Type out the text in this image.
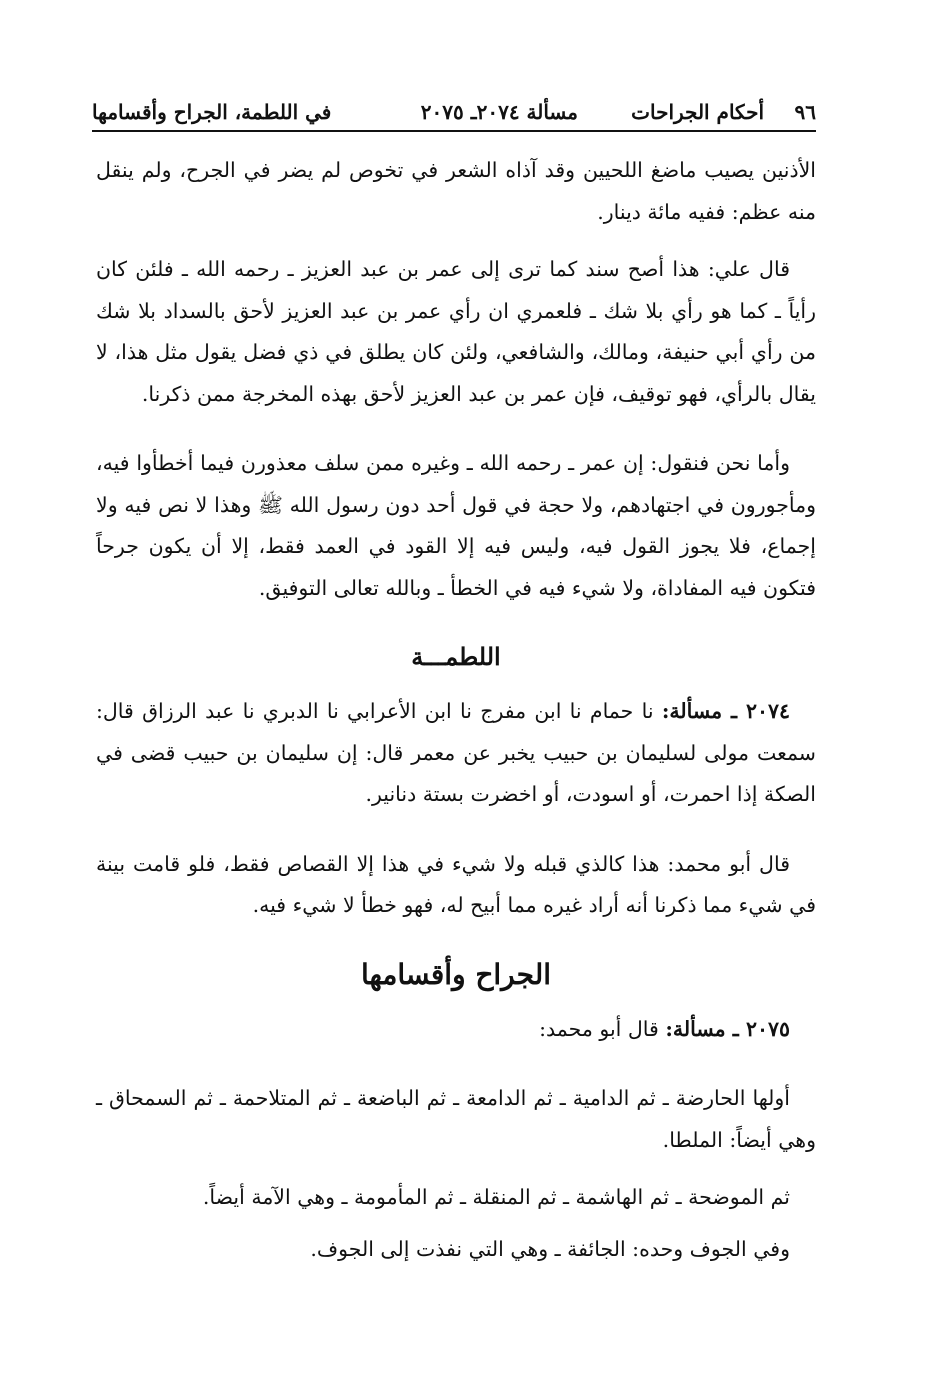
٩٦
أحكام الجراحات
مسألة ٢٠٧٤ـ ٢٠٧٥
في اللطمة، الجراح وأقسامها

الأذنين يصيب ماضغ اللحيين وقد آذاه الشعر في تخوص لم يضر في الجرح، ولم ينقل منه عظم: ففيه مائة دينار.

قال علي: هذا أصح سند كما ترى إلى عمر بن عبد العزيز ـ رحمه الله ـ فلئن كان رأياً ـ كما هو رأي بلا شك ـ فلعمري ان رأي عمر بن عبد العزيز لأحق بالسداد بلا شك من رأي أبي حنيفة، ومالك، والشافعي، ولئن كان يطلق في ذي فضل يقول مثل هذا، لا يقال بالرأي، فهو توقيف، فإن عمر بن عبد العزيز لأحق بهذه المخرجة ممن ذكرنا.

وأما نحن فنقول: إن عمر ـ رحمه الله ـ وغيره ممن سلف معذورن فيما أخطأوا فيه، ومأجورون في اجتهادهم، ولا حجة في قول أحد دون رسول الله ﷺ وهذا لا نص فيه ولا إجماع، فلا يجوز القول فيه، وليس فيه إلا القود في العمد فقط، إلا أن يكون جرحاً فتكون فيه المفاداة، ولا شيء فيه في الخطأ ـ وبالله تعالى التوفيق.

اللطمـــة

٢٠٧٤ ـ مسألة: نا حمام نا ابن مفرج نا ابن الأعرابي نا الدبري نا عبد الرزاق قال: سمعت مولى لسليمان بن حبيب يخبر عن معمر قال: إن سليمان بن حبيب قضى في الصكة إذا احمرت، أو اسودت، أو اخضرت بستة دنانير.

قال أبو محمد: هذا كالذي قبله ولا شيء في هذا إلا القصاص فقط، فلو قامت بينة في شيء مما ذكرنا أنه أراد غيره مما أبيح له، فهو خطأ لا شيء فيه.

الجراح وأقسامها

٢٠٧٥ ـ مسألة: قال أبو محمد:

أولها الحارضة ـ ثم الدامية ـ ثم الدامعة ـ ثم الباضعة ـ ثم المتلاحمة ـ ثم السمحاق ـ وهي أيضاً: الملطا.

ثم الموضحة ـ ثم الهاشمة ـ ثم المنقلة ـ ثم المأمومة ـ وهي الآمة أيضاً.

وفي الجوف وحده: الجائفة ـ وهي التي نفذت إلى الجوف.
